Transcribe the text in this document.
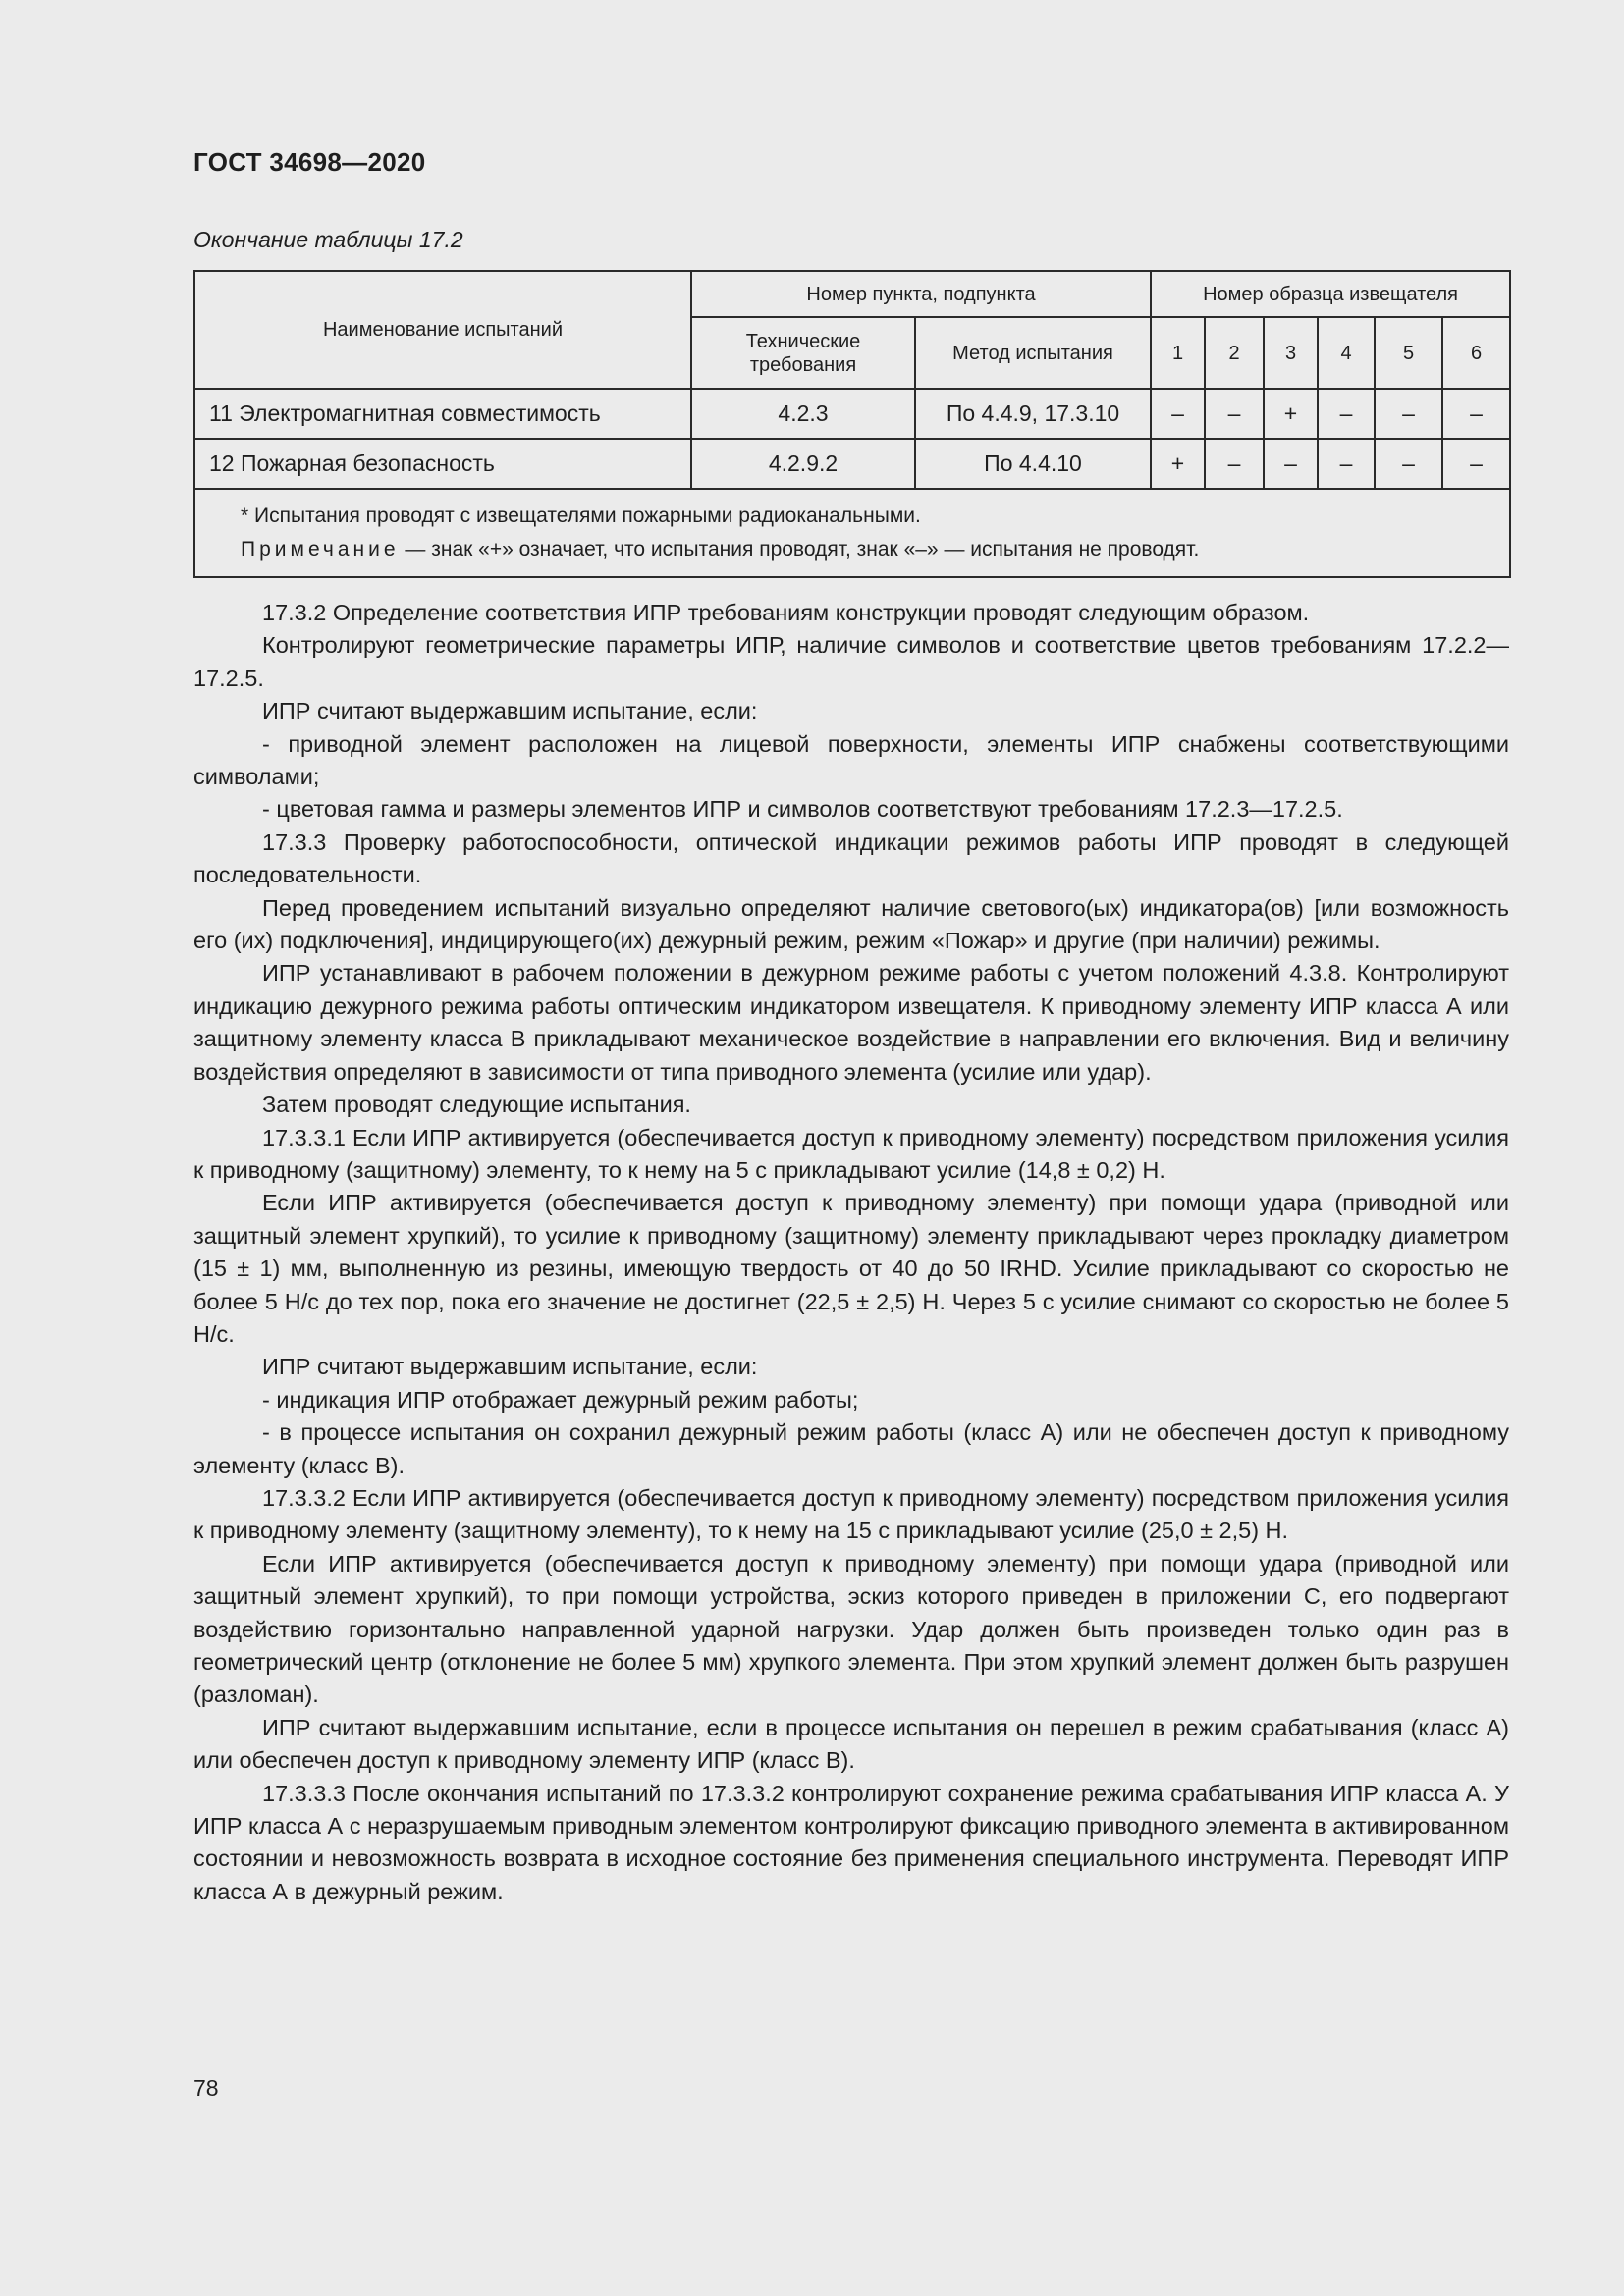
ГОСТ 34698—2020
Окончание таблицы 17.2
Наименование испытаний	Номер пункта, подпункта		Номер образца извещателя					

	Технические
требования	Метод испытания	1	2	3	4	5	6
11 Электромагнитная совместимость	4.2.3	По 4.4.9, 17.3.10	–	–	+	–	–	–
12 Пожарная безопасность	4.2.9.2	По 4.4.10	+	–	–	–	–	–

* Испытания проводят с извещателями пожарными радиоканальными.
Примечание — знак «+» означает, что испытания проводят, знак «–» — испытания не проводят.								

17.3.2 Определение соответствия ИПР требованиям конструкции проводят следующим образом.

Контролируют геометрические параметры ИПР, наличие символов и соответствие цветов требованиям 17.2.2—17.2.5.

ИПР считают выдержавшим испытание, если:

- приводной элемент расположен на лицевой поверхности, элементы ИПР снабжены соответствующими символами;

- цветовая гамма и размеры элементов ИПР и символов соответствуют требованиям 17.2.3—17.2.5.

17.3.3 Проверку работоспособности, оптической индикации режимов работы ИПР проводят в следующей последовательности.

Перед проведением испытаний визуально определяют наличие светового(ых) индикатора(ов) [или возможность его (их) подключения], индицирующего(их) дежурный режим, режим «Пожар» и другие (при наличии) режимы.

ИПР устанавливают в рабочем положении в дежурном режиме работы с учетом положений 4.3.8. Контролируют индикацию дежурного режима работы оптическим индикатором извещателя. К приводному элементу ИПР класса А или защитному элементу класса В прикладывают механическое воздействие в направлении его включения. Вид и величину воздействия определяют в зависимости от типа приводного элемента (усилие или удар).

Затем проводят следующие испытания.

17.3.3.1 Если ИПР активируется (обеспечивается доступ к приводному элементу) посредством приложения усилия к приводному (защитному) элементу, то к нему на 5 с прикладывают усилие (14,8 ± 0,2) Н.

Если ИПР активируется (обеспечивается доступ к приводному элементу) при помощи удара (приводной или защитный элемент хрупкий), то усилие к приводному (защитному) элементу прикладывают через прокладку диаметром (15 ± 1) мм, выполненную из резины, имеющую твердость от 40 до 50 IRHD. Усилие прикладывают со скоростью не более 5 Н/с до тех пор, пока его значение не достигнет (22,5 ± 2,5) Н. Через 5 с усилие снимают со скоростью не более 5 Н/с.

ИПР считают выдержавшим испытание, если:

- индикация ИПР отображает дежурный режим работы;

- в процессе испытания он сохранил дежурный режим работы (класс А) или не обеспечен доступ к приводному элементу (класс В).

17.3.3.2 Если ИПР активируется (обеспечивается доступ к приводному элементу) посредством приложения усилия к приводному элементу (защитному элементу), то к нему на 15 с прикладывают усилие (25,0 ± 2,5) Н.

Если ИПР активируется (обеспечивается доступ к приводному элементу) при помощи удара (приводной или защитный элемент хрупкий), то при помощи устройства, эскиз которого приведен в приложении С, его подвергают воздействию горизонтально направленной ударной нагрузки. Удар должен быть произведен только один раз в геометрический центр (отклонение не более 5 мм) хрупкого элемента. При этом хрупкий элемент должен быть разрушен (разломан).

ИПР считают выдержавшим испытание, если в процессе испытания он перешел в режим срабатывания (класс А) или обеспечен доступ к приводному элементу ИПР (класс В).

17.3.3.3 После окончания испытаний по 17.3.3.2 контролируют сохранение режима срабатывания ИПР класса А. У ИПР класса А с неразрушаемым приводным элементом контролируют фиксацию приводного элемента в активированном состоянии и невозможность возврата в исходное состояние без применения специального инструмента. Переводят ИПР класса А в дежурный режим.

78
